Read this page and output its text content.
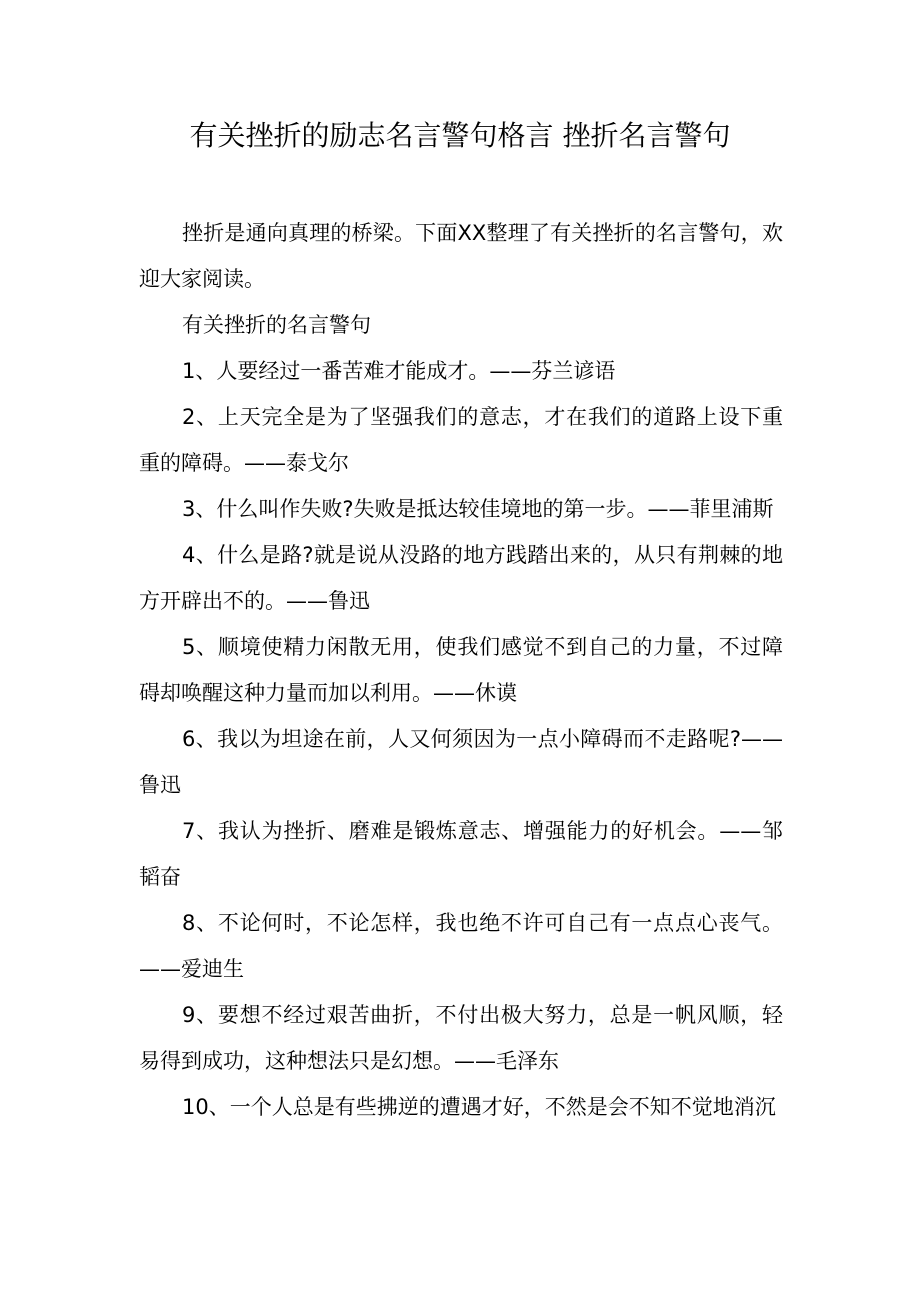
有关挫折的励志名言警句格言 挫折名言警句

挫折是通向真理的桥梁。下面XX整理了有关挫折的名言警句，欢迎大家阅读。

有关挫折的名言警句

1、人要经过一番苦难才能成才。——芬兰谚语

2、上天完全是为了坚强我们的意志，才在我们的道路上设下重重的障碍。——泰戈尔

3、什么叫作失败?失败是抵达较佳境地的第一步。——菲里浦斯

4、什么是路?就是说从没路的地方践踏出来的，从只有荆棘的地方开辟出不的。——鲁迅

5、顺境使精力闲散无用，使我们感觉不到自己的力量，不过障碍却唤醒这种力量而加以利用。——休谟

6、我以为坦途在前，人又何须因为一点小障碍而不走路呢?——鲁迅

7、我认为挫折、磨难是锻炼意志、增强能力的好机会。——邹韬奋

8、不论何时，不论怎样，我也绝不许可自己有一点点心丧气。——爱迪生

9、要想不经过艰苦曲折，不付出极大努力，总是一帆风顺，轻易得到成功，这种想法只是幻想。——毛泽东

10、一个人总是有些拂逆的遭遇才好，不然是会不知不觉地消沉
